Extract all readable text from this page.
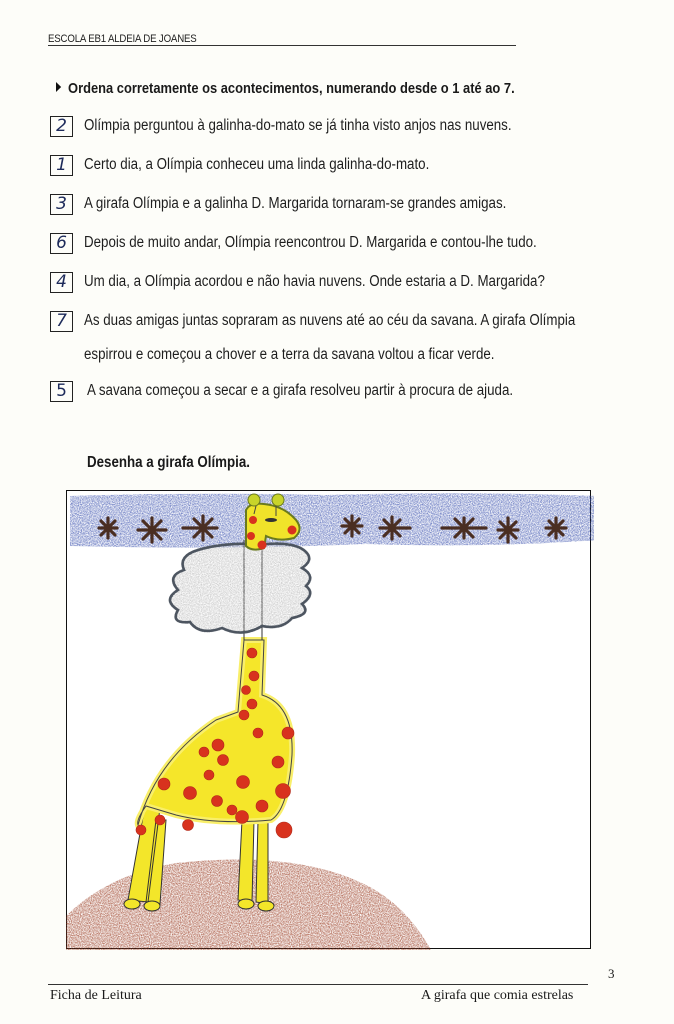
ESCOLA EB1 ALDEIA DE JOANES
Ordena corretamente os acontecimentos, numerando desde o 1 até ao 7.
2	Olímpia perguntou à galinha-do-mato se já tinha visto anjos nas nuvens.
1	Certo dia, a Olímpia conheceu uma linda galinha-do-mato.
3	A girafa Olímpia e a galinha D. Margarida tornaram-se grandes amigas.
6	Depois de muito andar, Olímpia reencontrou D. Margarida e contou-lhe tudo.
4	Um dia, a Olímpia acordou e não havia nuvens. Onde estaria a D. Margarida?
7	As duas amigas juntas sopraram as nuvens até ao céu da savana. A girafa Olímpia
espirrou e começou a chover e a terra da savana voltou a ficar verde.
5	A savana começou a secar e a girafa resolveu partir à procura de ajuda.
Desenha a girafa Olímpia.
3
Ficha de Leitura	A girafa que comia estrelas
